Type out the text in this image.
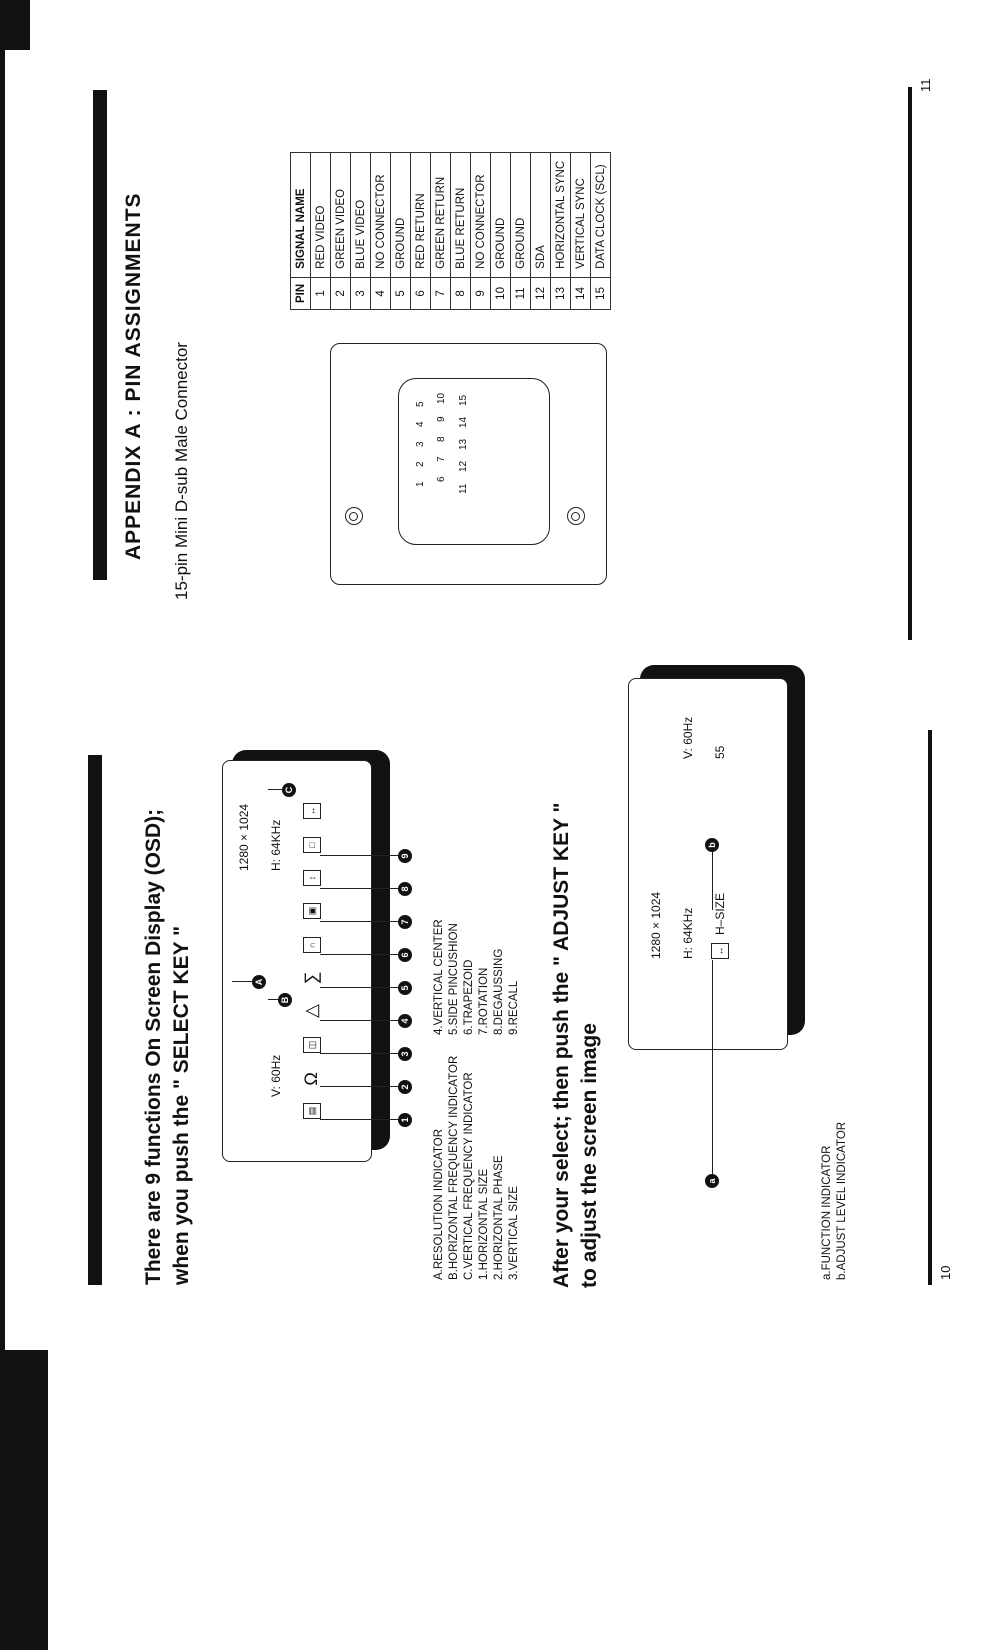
There are 9 functions On Screen Display (OSD); when you push the " SELECT KEY "
1280 × 1024 H: 64KHz
V: 60Hz
↔
□
↕
▣
∩
∑
△
◫
Ω
▤
A
B
C
1
2
3
4
5
6
7
8
9
A.RESOLUTION INDICATOR B.HORIZONTAL FREQUENCY INDICATOR C.VERTICAL FREQUENCY INDICATOR 1.HORIZONTAL SIZE 2.HORIZONTAL PHASE 3.VERTICAL SIZE
4.VERTICAL CENTER 5.SIDE PINCUSHION 6.TRAPEZOID 7.ROTATION 8.DEGAUSSING 9.RECALL After your select; then push the " ADJUST KEY " to adjust the screen image
1280 × 1024 H: 64KHz
V: 60Hz
↔
H–SIZE
55
a
b
a.FUNCTION INDICATOR b.ADJUST LEVEL INDICATOR	10
APPENDIX A : PIN ASSIGNMENTS 15-pin Mini D-sub Male Connector	1
2
3
4
5
6
7
8
9
10
11
12
13
14
15
PIN	SIGNAL NAME
1	RED VIDEO
2	GREEN VIDEO
3	BLUE VIDEO
4	NO CONNECTOR
5	GROUND
6	RED RETURN
7	GREEN RETURN
8	BLUE RETURN
9	NO CONNECTOR
10	GROUND
11	GROUND
12	SDA
13	HORIZONTAL SYNC
14	VERTICAL SYNC
15	DATA CLOCK (SCL)
11
